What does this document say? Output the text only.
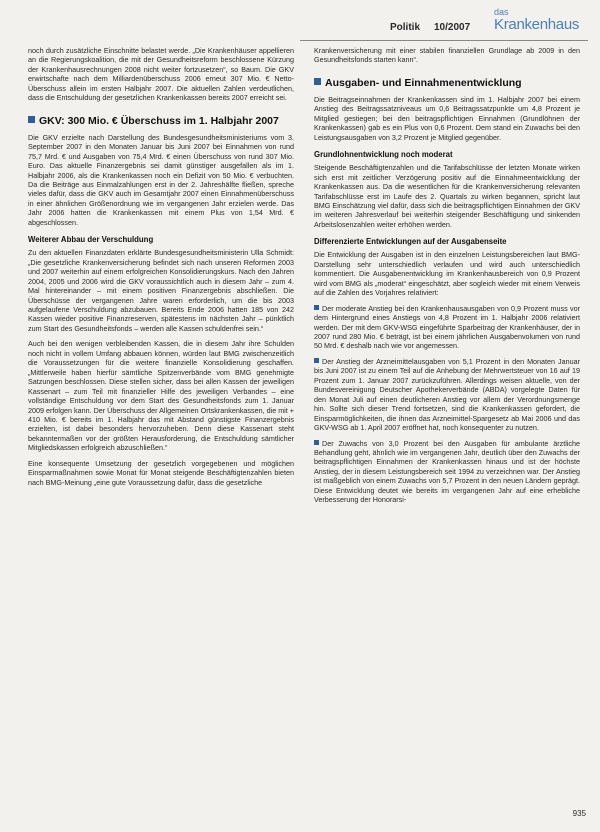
Politik 10/2007
das
Krankenhaus

noch durch zusätzliche Einschnitte belastet werde. „Die Krankenhäuser appellieren an die Regierungskoalition, die mit der Gesundheitsreform beschlossene Kürzung der Krankenhausrechnungen 2008 nicht weiter fortzusetzen“, so Baum. Die GKV erwirtschafte nach dem Milliardenüberschuss 2006 erneut 307 Mio. € Netto-Überschuss allein im ersten Halbjahr 2007. Die aktuellen Zahlen verdeutlichen, dass die Entschuldung der gesetzlichen Krankenkassen bereits 2007 erreicht sei.

GKV: 300 Mio. € Überschuss im 1. Halbjahr 2007

Die GKV erzielte nach Darstellung des Bundesgesundheitsministeriums vom 3. September 2007 in den Monaten Januar bis Juni 2007 bei Einnahmen von rund 75,7 Mrd. € und Ausgaben von 75,4 Mrd. € einen Überschuss von rund 307 Mio. Euro. Das aktuelle Finanzergebnis sei damit günstiger ausgefallen als im 1. Halbjahr 2006, als die Krankenkassen noch ein Defizit von 50 Mio. € verbuchten. Da die Beiträge aus Einmalzahlungen erst in der 2. Jahreshälfte fließen, spreche vieles dafür, dass die GKV auch im Gesamtjahr 2007 einen Einnahmenüberschuss in einer ähnlichen Größenordnung wie im vergangenen Jahr erzielen werde. Das Jahr 2006 hatten die Krankenkassen mit einem Plus von 1,54 Mrd. € abgeschlossen.

Weiterer Abbau der Verschuldung

Zu den aktuellen Finanzdaten erklärte Bundesgesundheitsministerin Ulla Schmidt: „Die gesetzliche Krankenversicherung befindet sich nach unseren Reformen 2003 und 2007 weiterhin auf einem erfolgreichen Konsolidierungskurs. Nach den Jahren 2004, 2005 und 2006 wird die GKV voraussichtlich auch in diesem Jahr – zum 4. Mal hintereinander – mit einem positiven Finanzergebnis abschließen. Die Überschüsse der vergangenen Jahre waren erforderlich, um die bis 2003 aufgelaufene Verschuldung abzubauen. Bereits Ende 2006 hatten 185 von 242 Kassen wieder positive Finanzreserven, spätestens im nächsten Jahr – pünktlich zum Start des Gesundheitsfonds – werden alle Kassen schuldenfrei sein.“

Auch bei den wenigen verbleibenden Kassen, die in diesem Jahr ihre Schulden noch nicht in vollem Umfang abbauen können, würden laut BMG zwischenzeitlich die Voraussetzungen für die weitere finanzielle Konsolidierung geschaffen. „Mittlerweile haben hierfür sämtliche Spitzenverbände vom BMG genehmigte Satzungen beschlossen. Diese stellen sicher, dass bei allen Kassen der jeweiligen Kassenart – zum Teil mit finanzieller Hilfe des jeweiligen Verbandes – eine vollständige Entschuldung vor dem Start des Gesundheitsfonds zum 1. Januar 2009 erfolgen kann. Der Überschuss der Allgemeinen Ortskrankenkassen, die mit + 410 Mio. € bereits im 1. Halbjahr das mit Abstand günstigste Finanzergebnis erzielten, ist dabei besonders hervorzuheben. Denn diese Kassenart steht bekanntermaßen vor der größten Herausforderung, die Entschuldung sämtlicher Mitgliedskassen erfolgreich abzuschließen.“

Eine konsequente Umsetzung der gesetzlich vorgegebenen und möglichen Einsparmaßnahmen sowie Monat für Monat steigende Beschäftigtenzahlen bieten nach BMG-Meinung „eine gute Voraussetzung dafür, dass die gesetzliche

Krankenversicherung mit einer stabilen finanziellen Grundlage ab 2009 in den Gesundheitsfonds starten kann“.

Ausgaben- und Einnahmenentwicklung

Die Beitragseinnahmen der Krankenkassen sind im 1. Halbjahr 2007 bei einem Anstieg des Beitragssatzniveaus um 0,6 Beitragssatzpunkte um 4,8 Prozent je Mitglied gestiegen; bei den beitragspflichtigen Einnahmen (Grundlöhnen der Krankenkassen) gab es ein Plus von 0,6 Prozent. Dem stand ein Zuwachs bei den Leistungsausgaben von 3,2 Prozent je Mitglied gegenüber.

Grundlohnentwicklung noch moderat

Steigende Beschäftigtenzahlen und die Tarifabschlüsse der letzten Monate wirken sich erst mit zeitlicher Verzögerung positiv auf die Einnahmeentwicklung der Krankenkassen aus. Da die wesentlichen für die Krankenversicherung relevanten Tarifabschlüsse erst im Laufe des 2. Quartals zu wirken begannen, spricht laut BMG Einschätzung viel dafür, dass sich die beitragspflichtigen Einnahmen der GKV im weiteren Jahresverlauf bei weiterhin steigender Beschäftigung und sinkenden Arbeitslosenzahlen weiter erhöhen werden.

Differenzierte Entwicklungen auf der Ausgabenseite

Die Entwicklung der Ausgaben ist in den einzelnen Leistungsbereichen laut BMG-Darstellung sehr unterschiedlich verlaufen und wird auch unterschiedlich kommentiert. Die Ausgabenentwicklung im Krankenhausbereich von 0,9 Prozent wird vom BMG als „moderat“ eingeschätzt, aber sogleich wieder mit einem Verweis auf die Zahlen des Vorjahres relativiert:

Der moderate Anstieg bei den Krankenhausausgaben von 0,9 Prozent muss vor dem Hintergrund eines Anstiegs von 4,8 Prozent im 1. Halbjahr 2006 relativiert werden. Der mit dem GKV-WSG eingeführte Sparbeitrag der Krankenhäuser, der in 2007 rund 280 Mio. € beträgt, ist bei einem jährlichen Ausgabenvolumen von rund 50 Mrd. € deshalb nach wie vor angemessen.
Der Anstieg der Arzneimittelausgaben von 5,1 Prozent in den Monaten Januar bis Juni 2007 ist zu einem Teil auf die Anhebung der Mehrwertsteuer von 16 auf 19 Prozent zum 1. Januar 2007 zurückzuführen. Allerdings weisen aktuelle, von der Bundesvereinigung Deutscher Apothekerverbände (ABDA) vorgelegte Daten für den Monat Juli auf einen deutlicheren Anstieg vor allem der Verordnungsmenge hin. Sollte sich dieser Trend fortsetzen, sind die Krankenkassen gefordert, die Einsparmöglichkeiten, die ihnen das Arzneimittel-Spargesetz ab Mai 2006 und das GKV-WSG ab 1. April 2007 eröffnet hat, noch konsequenter zu nutzen.
Der Zuwachs von 3,0 Prozent bei den Ausgaben für ambulante ärztliche Behandlung geht, ähnlich wie im vergangenen Jahr, deutlich über den Zuwachs der beitragspflichtigen Einnahmen der Krankenkassen hinaus und ist der höchste Anstieg, der in diesem Leistungsbereich seit 1994 zu verzeichnen war. Der Anstieg ist maßgeblich von einem Zuwachs von 5,7 Prozent in den neuen Ländern geprägt. Diese Entwicklung deutet wie bereits im vergangenen Jahr auf eine erhebliche Verbesserung der Honorarsi-
935
